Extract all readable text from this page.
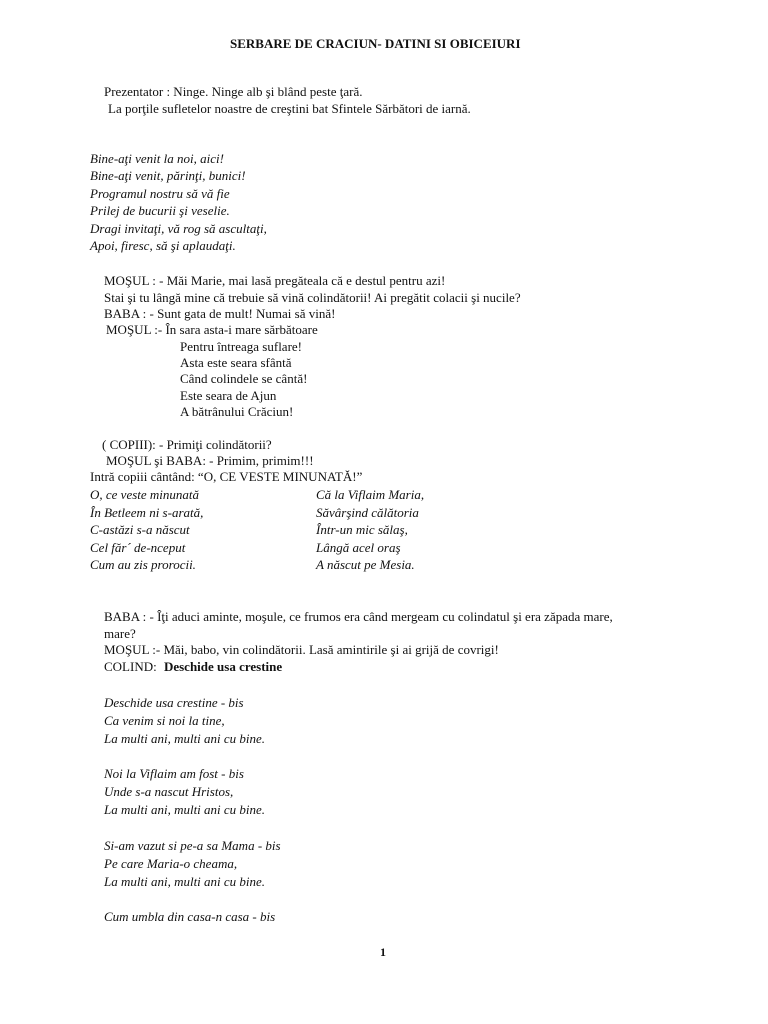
SERBARE DE CRACIUN- DATINI SI OBICEIURI
Prezentator : Ninge. Ninge alb şi blând peste ţară.
La porţile sufletelor noastre de creştini bat Sfintele Sărbători de iarnă.
Bine-aţi venit la noi, aici!
Bine-aţi venit, părinţi, bunici!
Programul nostru să vă fie
Prilej de bucurii şi veselie.
Dragi invitaţi, vă rog să ascultaţi,
Apoi, firesc, să şi aplaudaţi.
MOŞUL : - Măi Marie, mai lasă pregăteala că e destul pentru azi!
Stai şi tu lângă mine că trebuie să vină colindătorii! Ai pregătit colacii şi nucile?
BABA : - Sunt gata de mult! Numai să vină!
MOŞUL :- În sara asta-i mare sărbătoare
Pentru întreaga suflare!
Asta este seara sfântă
Când colindele se cântă!
Este seara de Ajun
A bătrânului Crăciun!
( COPIII): - Primiţi colindătorii?
MOŞUL şi BABA: - Primim, primim!!!
Intră copiii cântând: “O, CE VESTE MINUNATĂ!”
O, ce veste minunată
În Betleem ni s-arată,
C-astăzi s-a născut
Cel făr´ de-nceput
Cum au zis prorocii.
Că la Viflaim Maria,
Săvârşind călătoria
Într-un mic sălaş,
Lângă acel oraş
A născut pe Mesia.
BABA : - Îţi aduci aminte, moşule, ce frumos era când mergeam cu colindatul şi era zăpada mare,
mare?
MOŞUL :- Măi, babo, vin colindătorii. Lasă amintirile şi ai grijă de covrigi!
COLIND: Deschide usa crestine
Deschide usa crestine - bis
Ca venim si noi la tine,
La multi ani, multi ani cu bine.
Noi la Viflaim am fost - bis
Unde s-a nascut Hristos,
La multi ani, multi ani cu bine.
Si-am vazut si pe-a sa Mama - bis
Pe care Maria-o cheama,
La multi ani, multi ani cu bine.
Cum umbla din casa-n casa - bis
1
